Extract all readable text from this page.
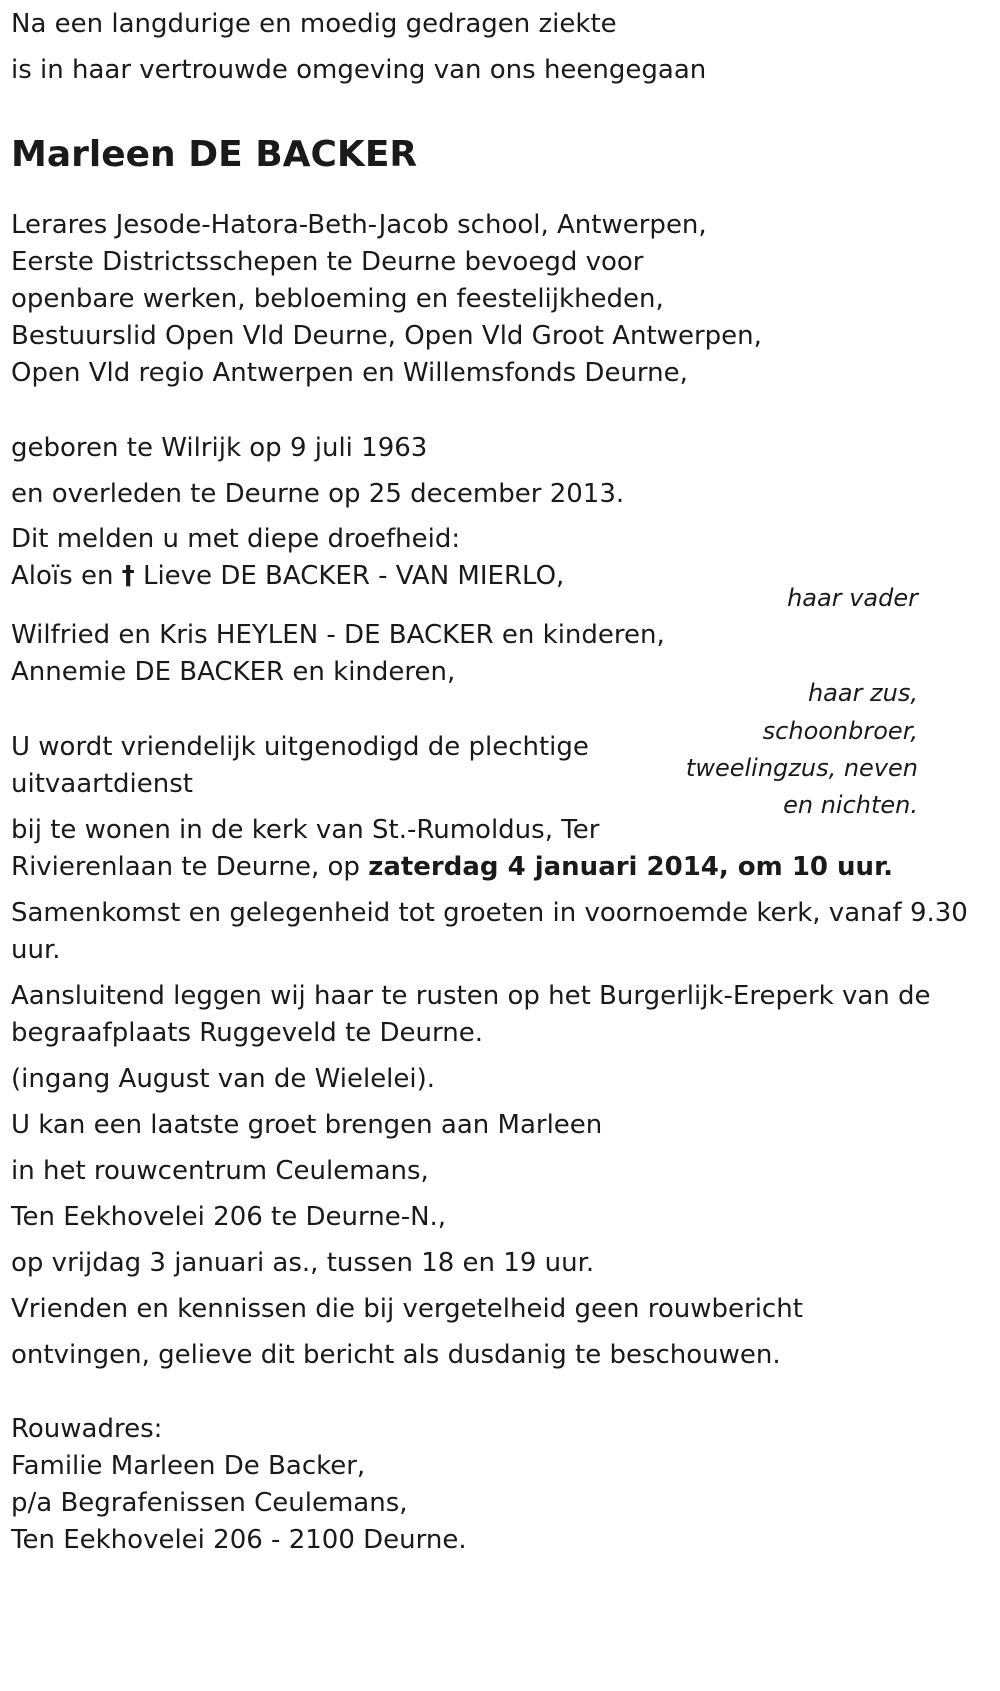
Na een langdurige en moedig gedragen ziekte
is in haar vertrouwde omgeving van ons heengegaan
Marleen DE BACKER
Lerares Jesode-Hatora-Beth-Jacob school, Antwerpen,
Eerste Districtsschepen te Deurne bevoegd voor
openbare werken, bebloeming en feestelijkheden,
Bestuurslid Open Vld Deurne, Open Vld Groot Antwerpen,
Open Vld regio Antwerpen en Willemsfonds Deurne,
geboren te Wilrijk op 9 juli 1963
en overleden te Deurne op 25 december 2013.
Dit melden u met diepe droefheid:
Aloïs en † Lieve DE BACKER - VAN MIERLO,
haar vader
Wilfried en Kris HEYLEN - DE BACKER en kinderen,
Annemie DE BACKER en kinderen,
haar zus,
schoonbroer,
tweelingzus, neven
en nichten.
U wordt vriendelijk uitgenodigd de plechtige
uitvaartdienst
bij te wonen in de kerk van St.-Rumoldus, Ter
Rivierenlaan te Deurne, op zaterdag 4 januari 2014, om 10 uur.
Samenkomst en gelegenheid tot groeten in voornoemde kerk, vanaf 9.30
uur.
Aansluitend leggen wij haar te rusten op het Burgerlijk-Ereperk van de
begraafplaats Ruggeveld te Deurne.
(ingang August van de Wielelei).
U kan een laatste groet brengen aan Marleen
in het rouwcentrum Ceulemans,
Ten Eekhovelei 206 te Deurne-N.,
op vrijdag 3 januari as., tussen 18 en 19 uur.
Vrienden en kennissen die bij vergetelheid geen rouwbericht
ontvingen, gelieve dit bericht als dusdanig te beschouwen.
Rouwadres:
Familie Marleen De Backer,
p/a Begrafenissen Ceulemans,
Ten Eekhovelei 206 - 2100 Deurne.
